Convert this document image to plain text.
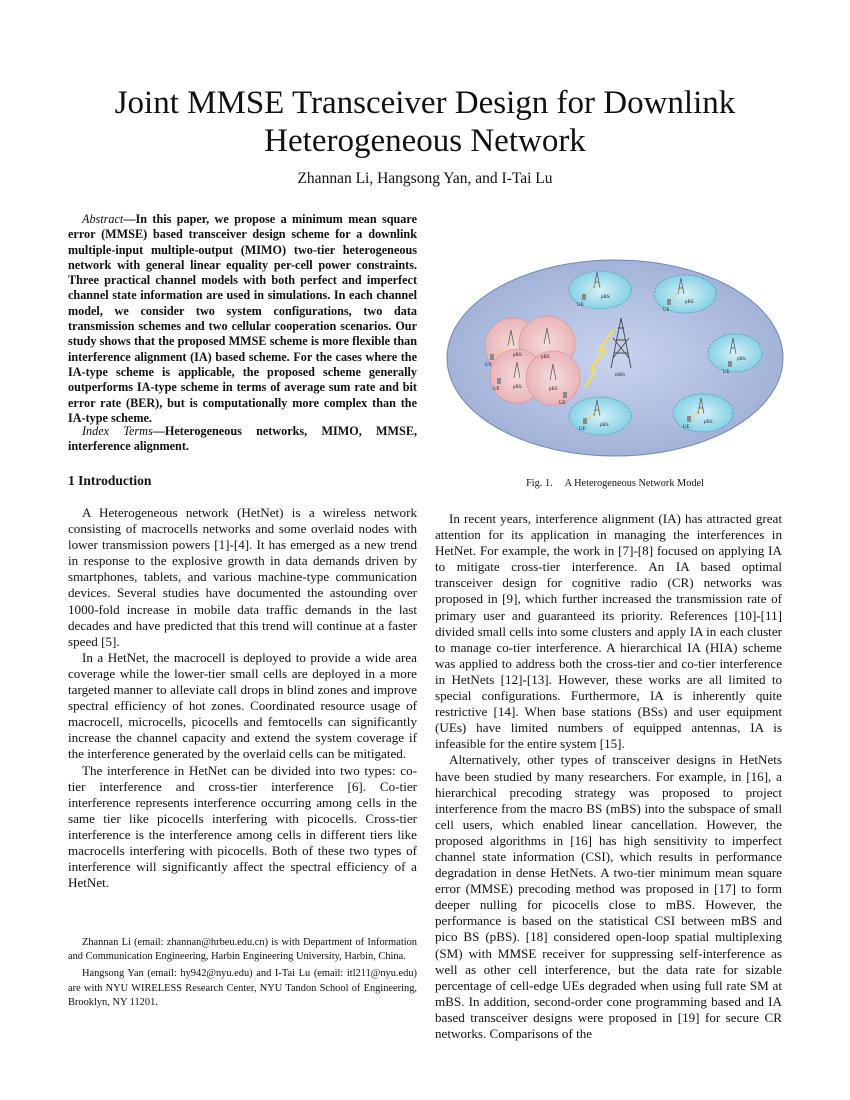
Joint MMSE Transceiver Design for Downlink Heterogeneous Network
Zhannan Li, Hangsong Yan, and I-Tai Lu
Abstract—In this paper, we propose a minimum mean square error (MMSE) based transceiver design scheme for a downlink multiple-input multiple-output (MIMO) two-tier heterogeneous network with general linear equality per-cell power constraints. Three practical channel models with both perfect and imperfect channel state information are used in simulations. In each channel model, we consider two system configurations, two data transmission schemes and two cellular cooperation scenarios. Our study shows that the proposed MMSE scheme is more flexible than interference alignment (IA) based scheme. For the cases where the IA-type scheme is applicable, the proposed scheme generally outperforms IA-type scheme in terms of average sum rate and bit error rate (BER), but is computationally more complex than the IA-type scheme.
Index Terms—Heterogeneous networks, MIMO, MMSE, interference alignment.
1 Introduction

A Heterogeneous network (HetNet) is a wireless network consisting of macrocells networks and some overlaid nodes with lower transmission powers [1]-[4]. It has emerged as a new trend in response to the explosive growth in data demands driven by smartphones, tablets, and various machine-type communication devices. Several studies have documented the astounding over 1000-fold increase in mobile data traffic demands in the last decades and have predicted that this trend will continue at a faster speed [5].

In a HetNet, the macrocell is deployed to provide a wide area coverage while the lower-tier small cells are deployed in a more targeted manner to alleviate call drops in blind zones and improve spectral efficiency of hot zones. Coordinated resource usage of macrocell, microcells, picocells and femtocells can significantly increase the channel capacity and extend the system coverage if the interference generated by the overlaid cells can be mitigated.

The interference in HetNet can be divided into two types: co-tier interference and cross-tier interference [6]. Co-tier interference represents interference occurring among cells in the same tier like picocells interfering with picocells. Cross-tier interference is the interference among cells in different tiers like macrocells interfering with picocells. Both of these two types of interference will significantly affect the spectral efficiency of a HetNet.

Zhannan Li (email: zhannan@hrbeu.edu.cn) is with Department of Information and Communication Engineering, Harbin Engineering University, Harbin, China.

Hangsong Yan (email: hy942@nyu.edu) and I-Tai Lu (email: itl211@nyu.edu) are with NYU WIRELESS Research Center, NYU Tandon School of Engineering, Brooklyn, NY 11201.

UE
pBS
UE
pBS
pBS
UE
pBS
UE
pBS
UE
pBS
UE
pBS
pBS
UE	pBS
UE
mBS
Fig. 1. A Heterogeneous Network Model

In recent years, interference alignment (IA) has attracted great attention for its application in managing the interferences in HetNet. For example, the work in [7]-[8] focused on applying IA to mitigate cross-tier interference. An IA based optimal transceiver design for cognitive radio (CR) networks was proposed in [9], which further increased the transmission rate of primary user and guaranteed its priority. References [10]-[11] divided small cells into some clusters and apply IA in each cluster to manage co-tier interference. A hierarchical IA (HIA) scheme was applied to address both the cross-tier and co-tier interference in HetNets [12]-[13]. However, these works are all limited to special configurations. Furthermore, IA is inherently quite restrictive [14]. When base stations (BSs) and user equipment (UEs) have limited numbers of equipped antennas, IA is infeasible for the entire system [15].

Alternatively, other types of transceiver designs in HetNets have been studied by many researchers. For example, in [16], a hierarchical precoding strategy was proposed to project interference from the macro BS (mBS) into the subspace of small cell users, which enabled linear cancellation. However, the proposed algorithms in [16] has high sensitivity to imperfect channel state information (CSI), which results in performance degradation in dense HetNets. A two-tier minimum mean square error (MMSE) precoding method was proposed in [17] to form deeper nulling for picocells close to mBS. However, the performance is based on the statistical CSI between mBS and pico BS (pBS). [18] considered open-loop spatial multiplexing (SM) with MMSE receiver for suppressing self-interference as well as other cell interference, but the data rate for sizable percentage of cell-edge UEs degraded when using full rate SM at mBS. In addition, second-order cone programming based and IA based transceiver designs were proposed in [19] for secure CR networks. Comparisons of the
